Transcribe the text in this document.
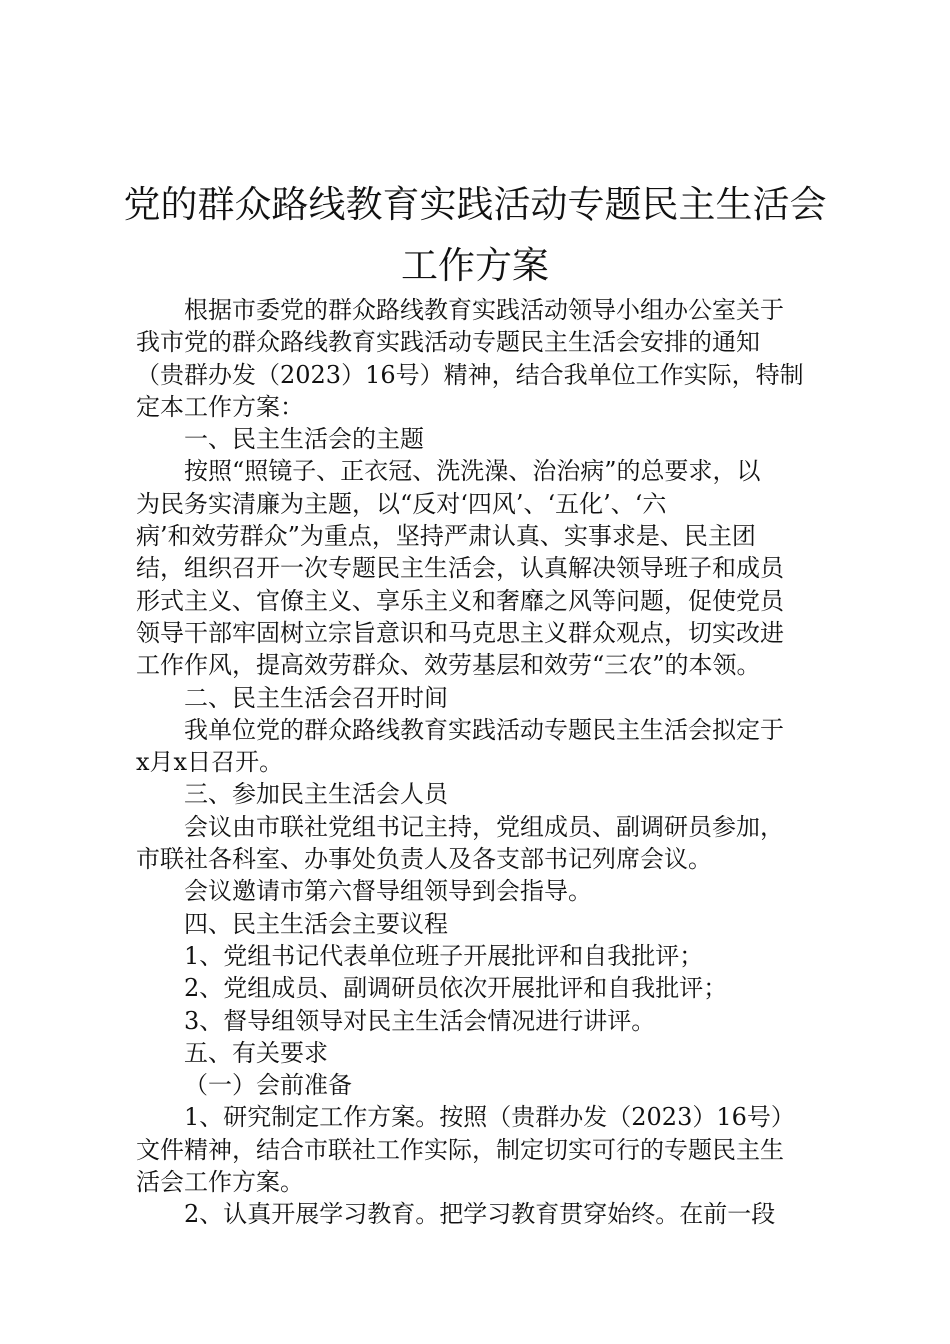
党的群众路线教育实践活动专题民主生活会
工作方案
根据市委党的群众路线教育实践活动领导小组办公室关于
我市党的群众路线教育实践活动专题民主生活会安排的通知
（贵群办发（2023）16号）精神，结合我单位工作实际，特制
定本工作方案：
一、民主生活会的主题
按照“照镜子、正衣冠、洗洗澡、治治病”的总要求，以
为民务实清廉为主题，以“反对‘四风’、‘五化’、‘六
病’和效劳群众”为重点，坚持严肃认真、实事求是、民主团
结，组织召开一次专题民主生活会，认真解决领导班子和成员
形式主义、官僚主义、享乐主义和奢靡之风等问题，促使党员
领导干部牢固树立宗旨意识和马克思主义群众观点，切实改进
工作作风，提高效劳群众、效劳基层和效劳“三农”的本领。
二、民主生活会召开时间
我单位党的群众路线教育实践活动专题民主生活会拟定于
x月x日召开。
三、参加民主生活会人员
会议由市联社党组书记主持，党组成员、副调研员参加，
市联社各科室、办事处负责人及各支部书记列席会议。
会议邀请市第六督导组领导到会指导。
四、民主生活会主要议程
1、党组书记代表单位班子开展批评和自我批评；
2、党组成员、副调研员依次开展批评和自我批评；
3、督导组领导对民主生活会情况进行讲评。
五、有关要求
（一）会前准备
1、研究制定工作方案。按照（贵群办发（2023）16号）
文件精神，结合市联社工作实际，制定切实可行的专题民主生
活会工作方案。
2、认真开展学习教育。把学习教育贯穿始终。在前一段
